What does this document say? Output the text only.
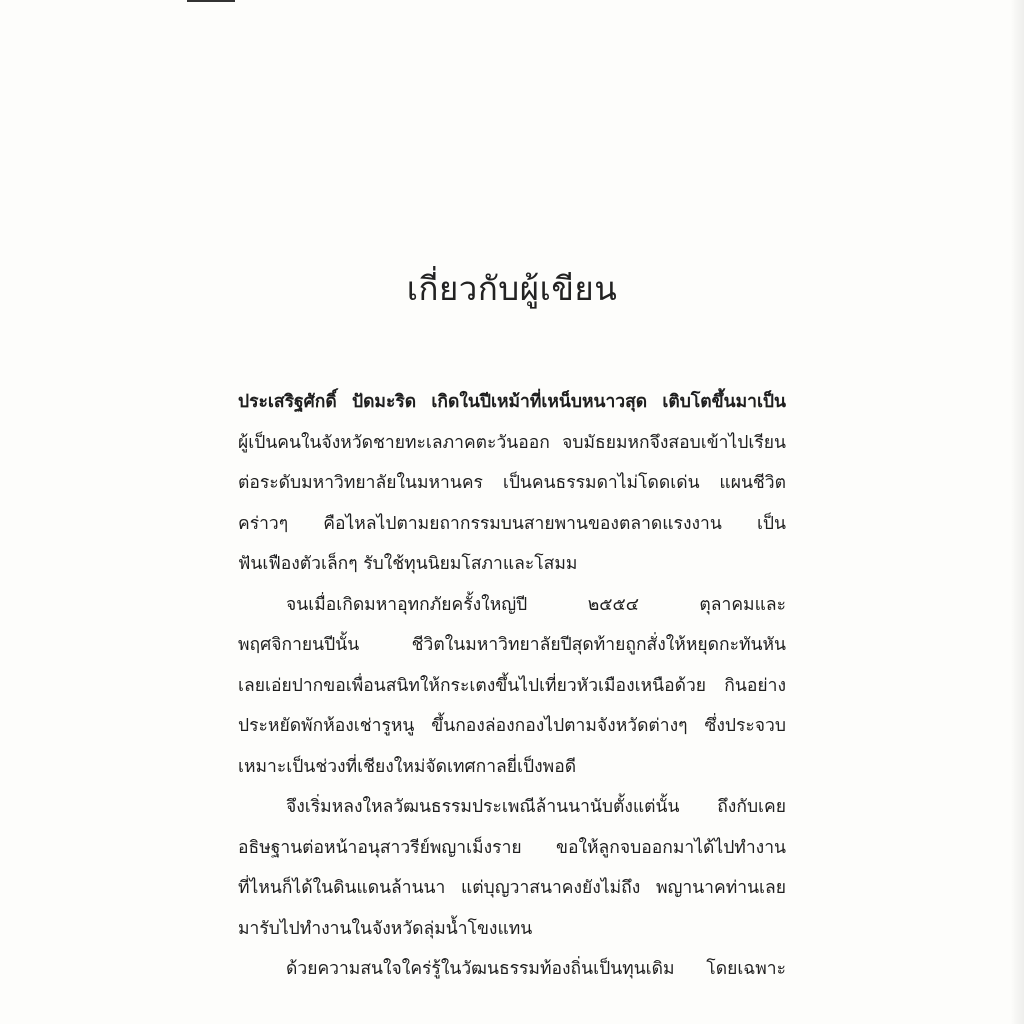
เกี่ยวกับผู้เขียน
ประเสริฐศักดิ์ ปัดมะริด เกิดในปีเหม้าที่เหน็บหนาวสุด เติบโตขึ้นมาเป็น
ผู้เป็นคนในจังหวัดชายทะเลภาคตะวันออก จบมัธยมหกจึงสอบเข้าไปเรียน
ต่อระดับมหาวิทยาลัยในมหานคร เป็นคนธรรมดาไม่โดดเด่น แผนชีวิต
คร่าวๆ คือไหลไปตามยถากรรมบนสายพานของตลาดแรงงาน เป็น
ฟันเฟืองตัวเล็กๆ รับใช้ทุนนิยมโสภาและโสมม
จนเมื่อเกิดมหาอุทกภัยครั้งใหญ่ปี ๒๕๕๔ ตุลาคมและ
พฤศจิกายนปีนั้น ชีวิตในมหาวิทยาลัยปีสุดท้ายถูกสั่งให้หยุดกะทันหัน
เลยเอ่ยปากขอเพื่อนสนิทให้กระเตงขึ้นไปเที่ยวหัวเมืองเหนือด้วย กินอย่าง
ประหยัดพักห้องเช่ารูหนู ขึ้นกองล่องกองไปตามจังหวัดต่างๆ ซึ่งประจวบ
เหมาะเป็นช่วงที่เชียงใหม่จัดเทศกาลยี่เป็งพอดี
จึงเริ่มหลงใหลวัฒนธรรมประเพณีล้านนานับตั้งแต่นั้น ถึงกับเคย
อธิษฐานต่อหน้าอนุสาวรีย์พญาเม็งราย ขอให้ลูกจบออกมาได้ไปทำงาน
ที่ไหนก็ได้ในดินแดนล้านนา แต่บุญวาสนาคงยังไม่ถึง พญานาคท่านเลย
มารับไปทำงานในจังหวัดลุ่มน้ำโขงแทน
ด้วยความสนใจใคร่รู้ในวัฒนธรรมท้องถิ่นเป็นทุนเดิม โดยเฉพาะ
